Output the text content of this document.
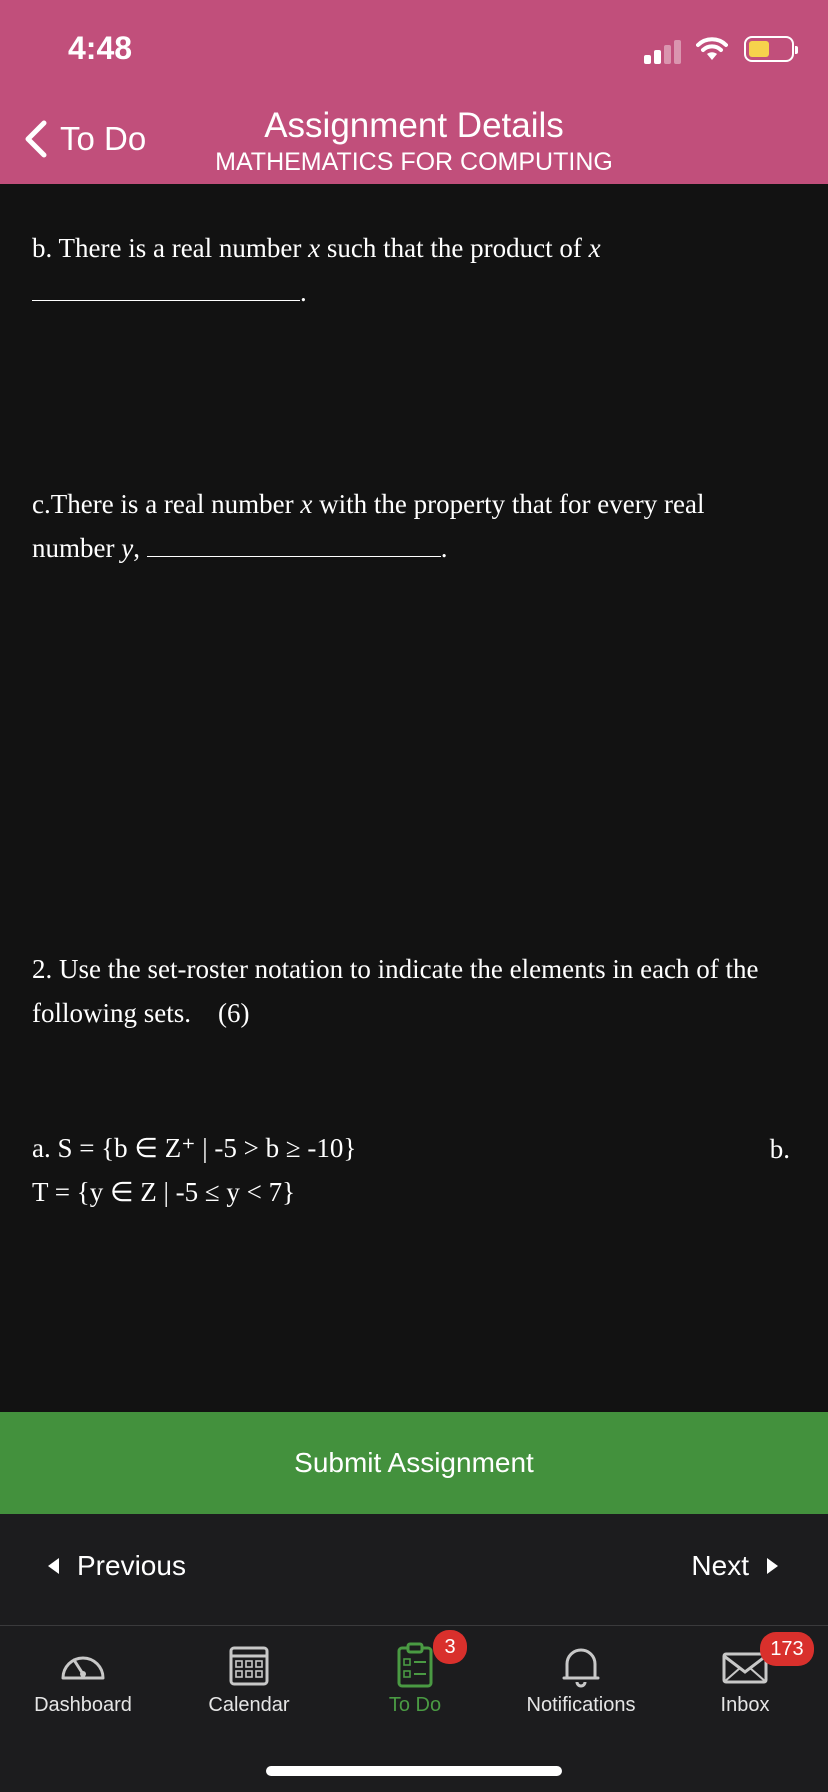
4:48
To Do	Assignment Details
MATHEMATICS FOR COMPUTING
b. There is a real number x such that the product of x
.
c.There is a real number x with the property that for every real
number y,	.
2. Use the set-roster notation to indicate the elements in each of the
following sets.    (6)
a. S = {b ∈ Z⁺ | -5 > b ≥ -10}
T = {y ∈ Z | -5 ≤ y < 7}
b.
Submit Assignment
Previous	Next
Dashboard	Calendar	To Do
3
Notifications	Inbox
173
